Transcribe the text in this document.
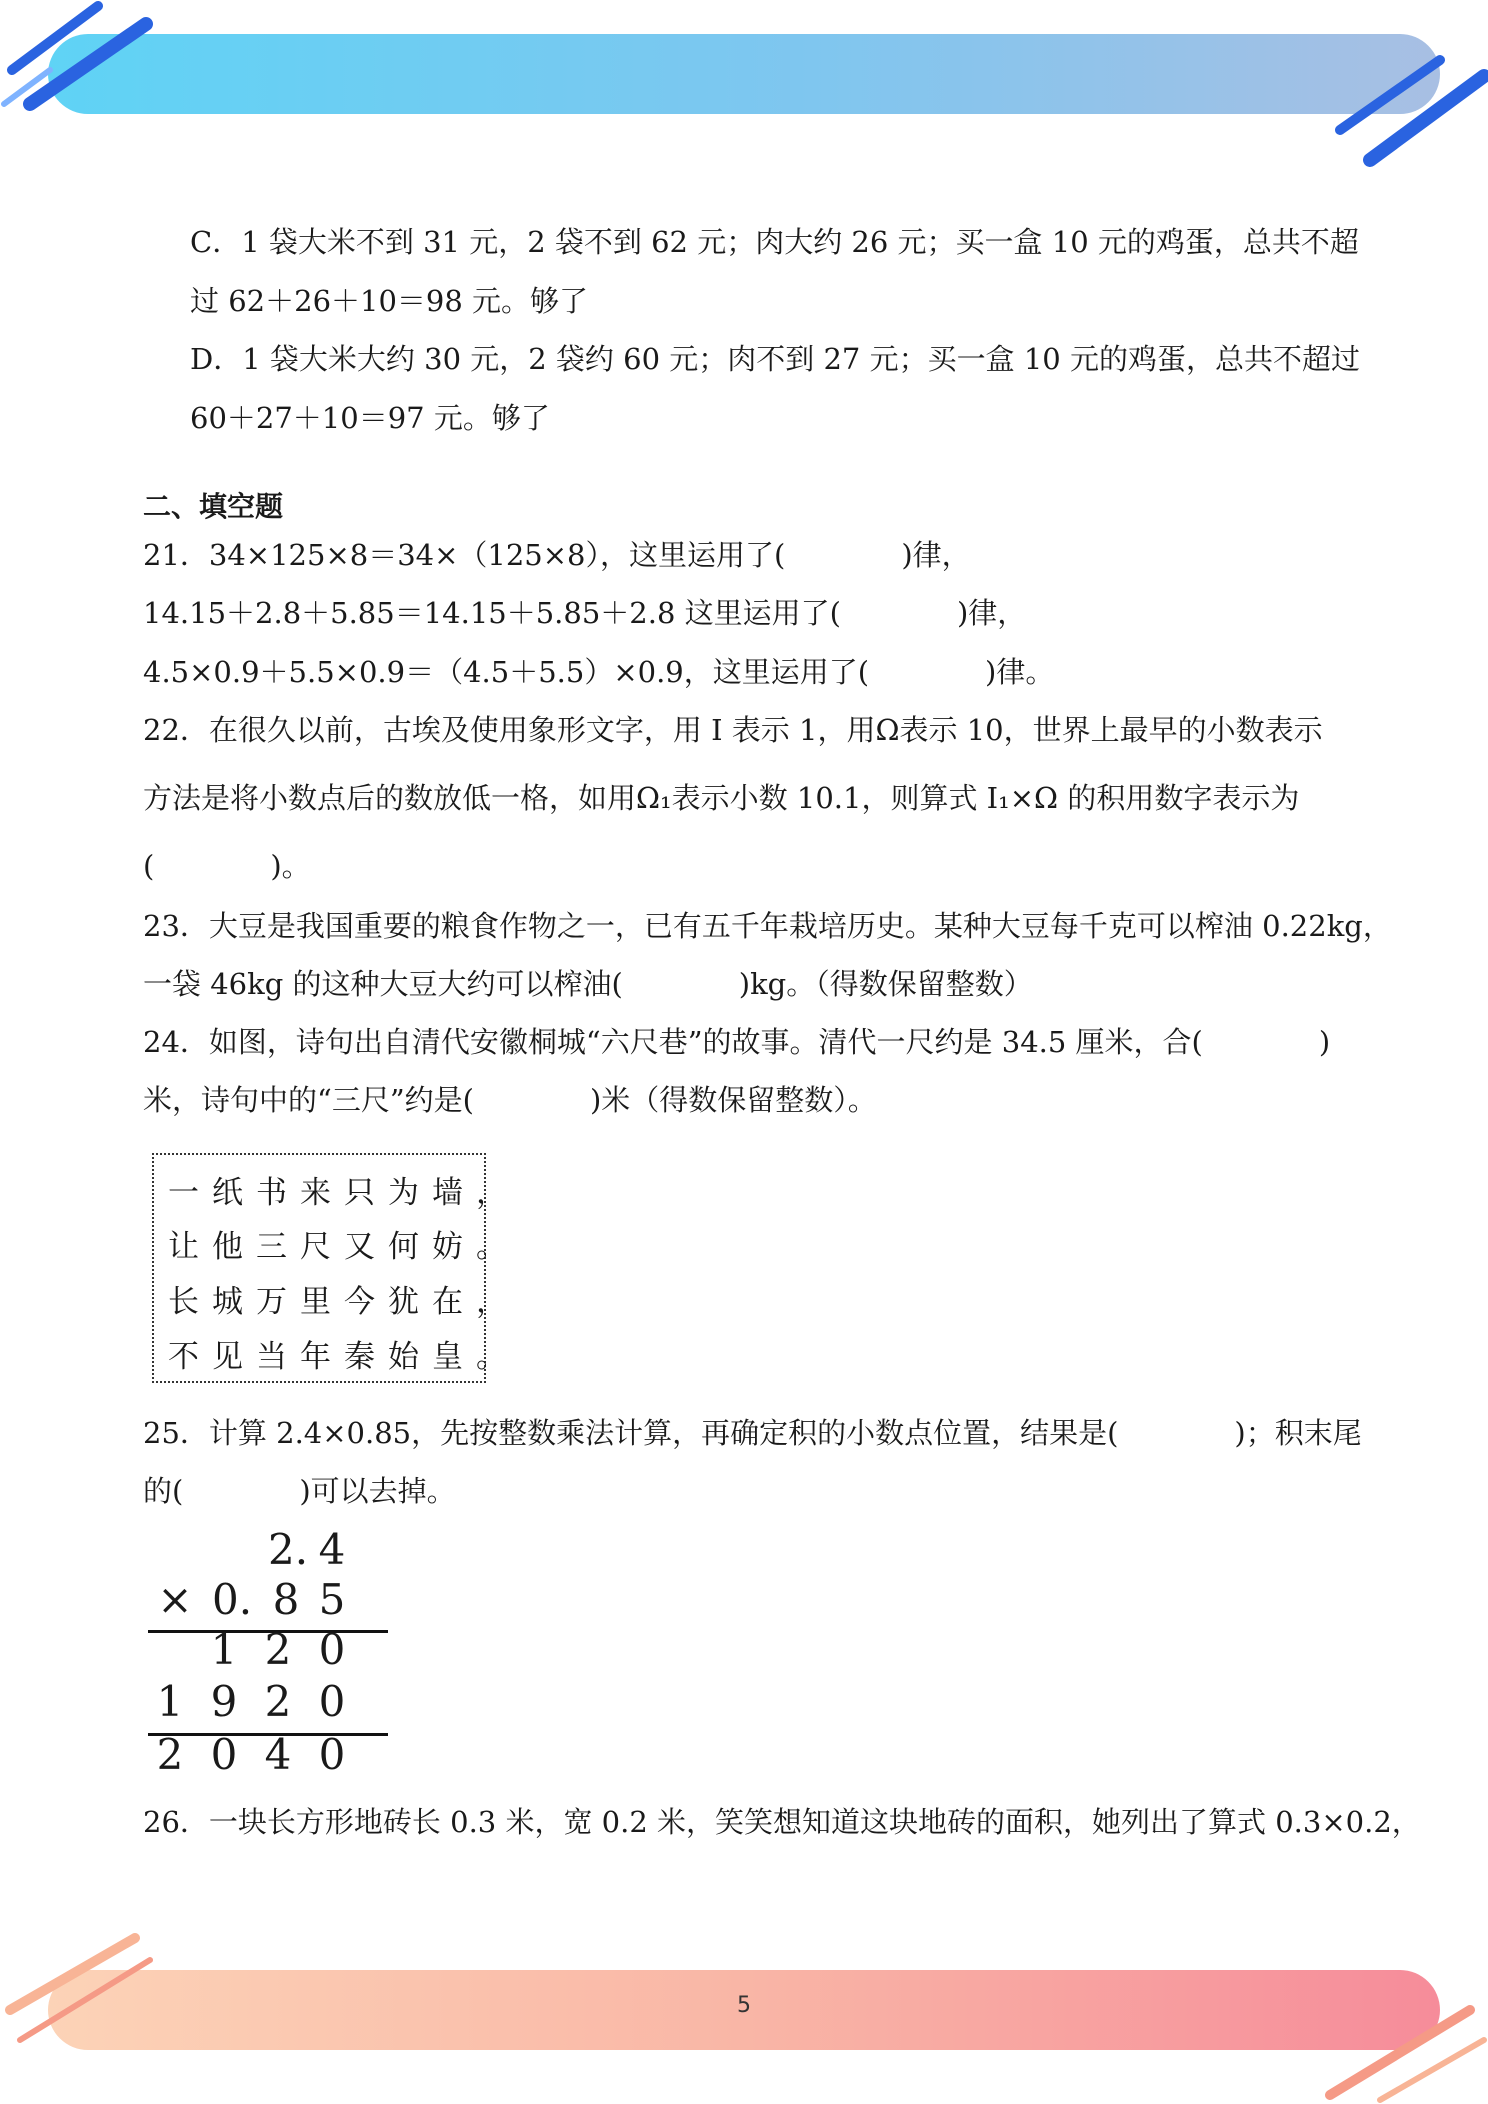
C．1 袋大米不到 31 元，2 袋不到 62 元；肉大约 26 元；买一盒 10 元的鸡蛋，总共不超
过 62＋26＋10＝98 元。够了
D．1 袋大米大约 30 元，2 袋约 60 元；肉不到 27 元；买一盒 10 元的鸡蛋，总共不超过
60＋27＋10＝97 元。够了
二、填空题
21．34×125×8＝34×（125×8），这里运用了(　　　　)律，
14.15＋2.8＋5.85＝14.15＋5.85＋2.8 这里运用了(　　　　)律，
4.5×0.9＋5.5×0.9＝（4.5＋5.5）×0.9，这里运用了(　　　　)律。
22．在很久以前，古埃及使用象形文字，用 I 表示 1，用Ω表示 10，世界上最早的小数表示
方法是将小数点后的数放低一格，如用Ω₁表示小数 10.1，则算式 I₁×Ω 的积用数字表示为
(　　　　)。
23．大豆是我国重要的粮食作物之一，已有五千年栽培历史。某种大豆每千克可以榨油 0.22kg，
一袋 46kg 的这种大豆大约可以榨油(　　　　)kg。（得数保留整数）
24．如图，诗句出自清代安徽桐城“六尺巷”的故事。清代一尺约是 34.5 厘米，合(　　　　)
米，诗句中的“三尺”约是(　　　　)米（得数保留整数）。
一纸书来只为墙，
让他三尺又何妨。
长城万里今犹在，
不见当年秦始皇。
25．计算 2.4×0.85，先按整数乘法计算，再确定积的小数点位置，结果是(　　　　)；积末尾
的(　　　　)可以去掉。
2. 4
× 0. 8 5
1 2 0
1 9 2 0
2 0 4 0
26．一块长方形地砖长 0.3 米，宽 0.2 米，笑笑想知道这块地砖的面积，她列出了算式 0.3×0.2，
5
